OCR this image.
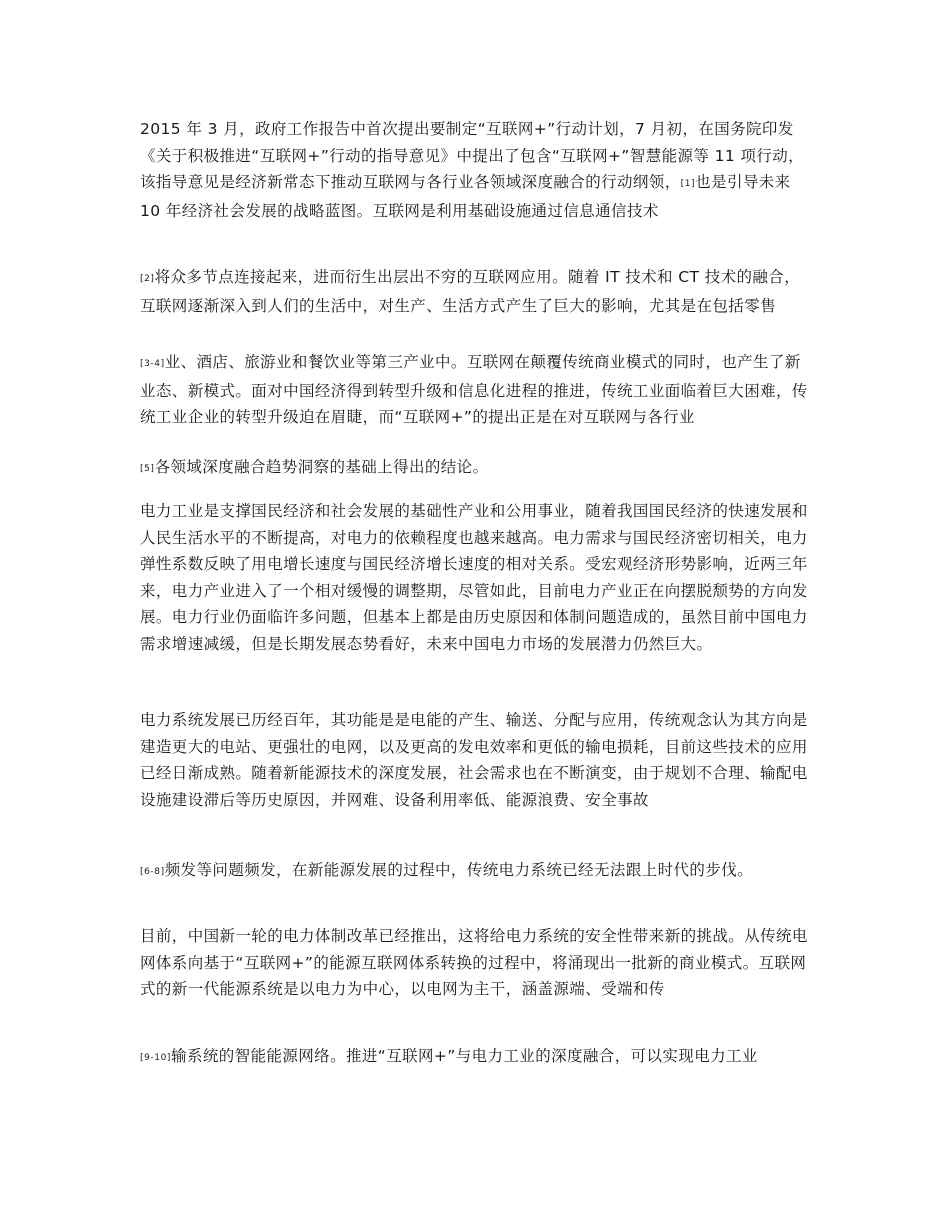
2015 年 3 月，政府工作报告中首次提出要制定“互联网+”行动计划，7 月初，在国务院印发《关于积极推进“互联网+”行动的指导意见》中提出了包含“互联网+”智慧能源等 11 项行动，该指导意见是经济新常态下推动互联网与各行业各领域深度融合的行动纲领，[1]也是引导未来 10 年经济社会发展的战略蓝图。互联网是利用基础设施通过信息通信技术

[2]将众多节点连接起来，进而衍生出层出不穷的互联网应用。随着 IT 技术和 CT 技术的融合，互联网逐渐深入到人们的生活中，对生产、生活方式产生了巨大的影响，尤其是在包括零售

[3-4]业、酒店、旅游业和餐饮业等第三产业中。互联网在颠覆传统商业模式的同时，也产生了新业态、新模式。面对中国经济得到转型升级和信息化进程的推进，传统工业面临着巨大困难，传统工业企业的转型升级迫在眉睫，而“互联网+”的提出正是在对互联网与各行业

[5]各领域深度融合趋势洞察的基础上得出的结论。

电力工业是支撑国民经济和社会发展的基础性产业和公用事业，随着我国国民经济的快速发展和人民生活水平的不断提高，对电力的依赖程度也越来越高。电力需求与国民经济密切相关，电力弹性系数反映了用电增长速度与国民经济增长速度的相对关系。受宏观经济形势影响，近两三年来，电力产业进入了一个相对缓慢的调整期，尽管如此，目前电力产业正在向摆脱颓势的方向发展。电力行业仍面临许多问题，但基本上都是由历史原因和体制问题造成的，虽然目前中国电力需求增速减缓，但是长期发展态势看好，未来中国电力市场的发展潜力仍然巨大。

电力系统发展已历经百年，其功能是是电能的产生、输送、分配与应用，传统观念认为其方向是建造更大的电站、更强壮的电网，以及更高的发电效率和更低的输电损耗，目前这些技术的应用已经日渐成熟。随着新能源技术的深度发展，社会需求也在不断演变，由于规划不合理、输配电设施建设滞后等历史原因，并网难、设备利用率低、能源浪费、安全事故

[6-8]频发等问题频发，在新能源发展的过程中，传统电力系统已经无法跟上时代的步伐。

目前，中国新一轮的电力体制改革已经推出，这将给电力系统的安全性带来新的挑战。从传统电网体系向基于“互联网+”的能源互联网体系转换的过程中，将涌现出一批新的商业模式。互联网式的新一代能源系统是以电力为中心，以电网为主干，涵盖源端、受端和传

[9-10]输系统的智能能源网络。推进“互联网+”与电力工业的深度融合，可以实现电力工业
